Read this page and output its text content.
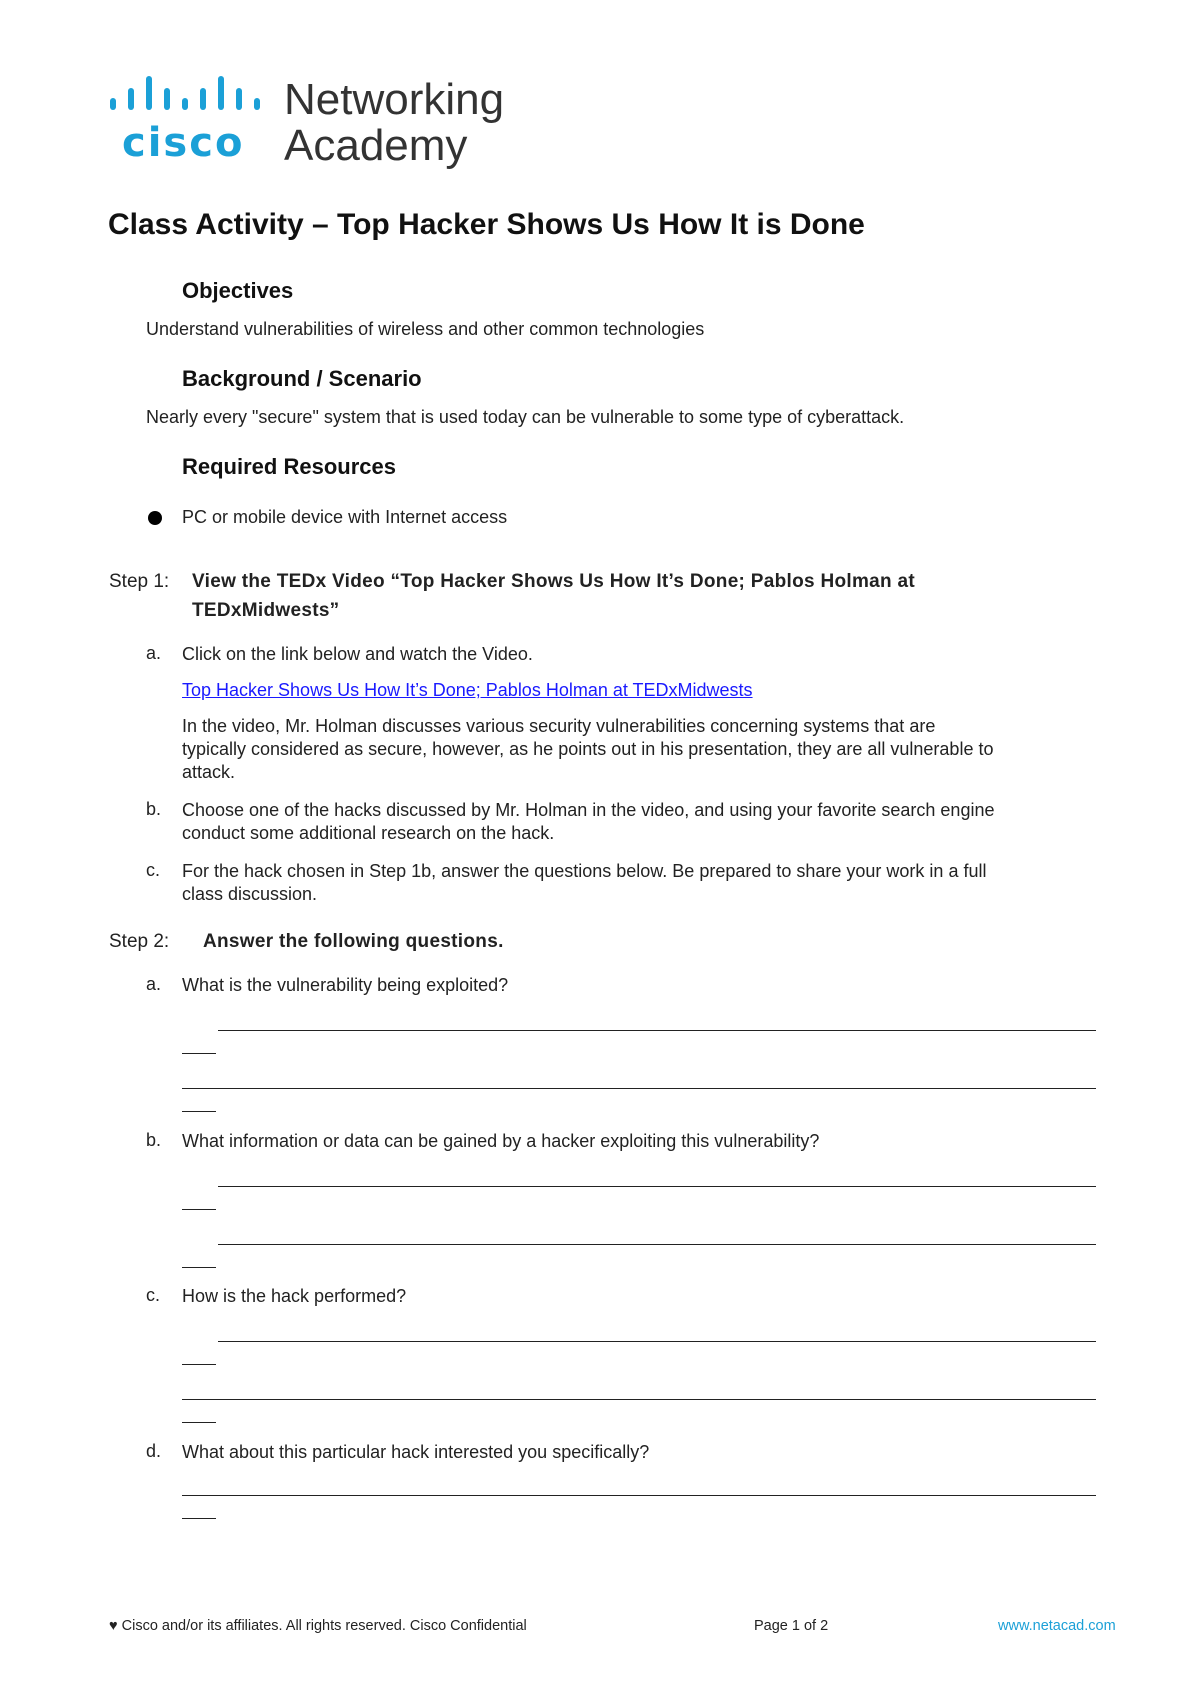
cisco
Networking
Academy
Class Activity – Top Hacker Shows Us How It is Done
Objectives
Understand vulnerabilities of wireless and other common technologies
Background / Scenario
Nearly every "secure" system that is used today can be vulnerable to some type of cyberattack.
Required Resources
PC or mobile device with Internet access
Step 1: View the TEDx Video “Top Hacker Shows Us How It’s Done; Pablos Holman at
TEDxMidwests”
a. Click on the link below and watch the Video.
Top Hacker Shows Us How It’s Done; Pablos Holman at TEDxMidwests
In the video, Mr. Holman discusses various security vulnerabilities concerning systems that are
typically considered as secure, however, as he points out in his presentation, they are all vulnerable to
attack.
b. Choose one of the hacks discussed by Mr. Holman in the video, and using your favorite search engine
conduct some additional research on the hack.
c. For the hack chosen in Step 1b, answer the questions below. Be prepared to share your work in a full
class discussion.
Step 2: Answer the following questions.
a. What is the vulnerability being exploited?
b. What information or data can be gained by a hacker exploiting this vulnerability?
c. How is the hack performed?
d. What about this particular hack interested you specifically?
♥ Cisco and/or its affiliates. All rights reserved. Cisco Confidential	Page 1 of 2	www.netacad.com
